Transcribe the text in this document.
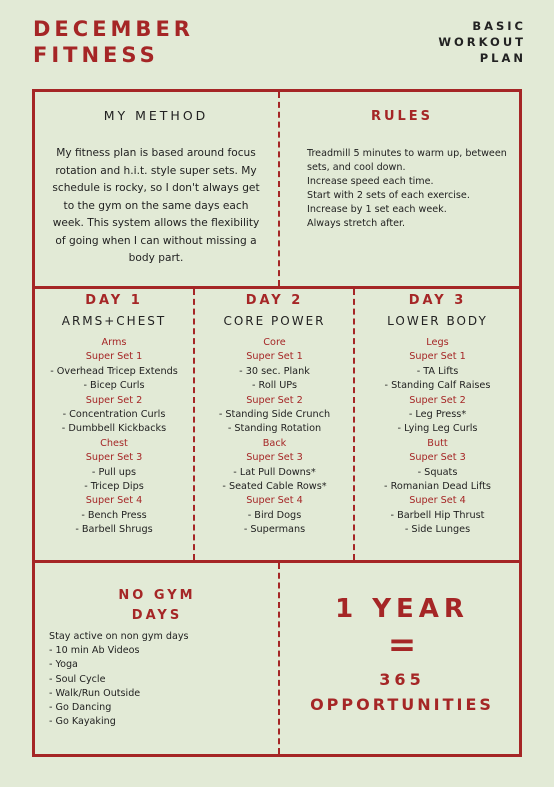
DECEMBER
FITNESS
BASIC
WORKOUT
PLAN
MY METHOD
My fitness plan is based around focus rotation and h.i.t. style super sets. My schedule is rocky, so I don't always get to the gym on the same days each week. This system allows the flexibility of going when I can without missing a body part.
RULES
Treadmill 5 minutes to warm up, between
sets, and cool down.
Increase speed each time.
Start with 2 sets of each exercise.
Increase by 1 set each week.
Always stretch after.
DAY 1
ARMS+CHEST
Arms
Super Set 1
- Overhead Tricep Extends
- Bicep Curls
Super Set 2
- Concentration Curls
- Dumbbell Kickbacks
Chest
Super Set 3
- Pull ups
- Tricep Dips
Super Set 4
- Bench Press
- Barbell Shrugs
DAY 2
CORE POWER
Core
Super Set 1
- 30 sec. Plank
- Roll UPs
Super Set 2
- Standing Side Crunch
- Standing Rotation
Back
Super Set 3
- Lat Pull Downs*
- Seated Cable Rows*
Super Set 4
- Bird Dogs
- Supermans
DAY 3
LOWER BODY
Legs
Super Set 1
- TA Lifts
- Standing Calf Raises
Super Set 2
- Leg Press*
- Lying Leg Curls
Butt
Super Set 3
- Squats
- Romanian Dead Lifts
Super Set 4
- Barbell Hip Thrust
- Side Lunges
NO GYM
DAYS
Stay active on non gym days
- 10 min Ab Videos
- Yoga
- Soul Cycle
- Walk/Run Outside
- Go Dancing
- Go Kayaking
1 YEAR
=
365
OPPORTUNITIES
